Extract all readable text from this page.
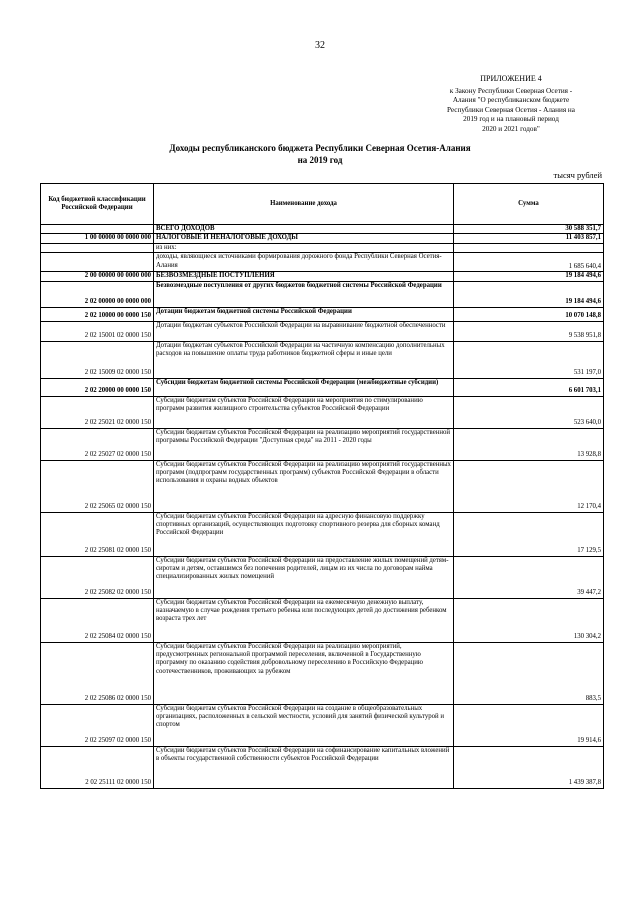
32
ПРИЛОЖЕНИЕ 4
к Закону Республики Северная Осетия -
Алания "О республиканском бюджете
Республики Северная Осетия - Алания на
2019 год и на плановый период
2020 и 2021 годов"
Доходы республиканского бюджета Республики Северная Осетия-Алания
на 2019 год
тысяч рублей
Код бюджетной классификации Российской Федерации	Наименование дохода	Сумма
	ВСЕГО ДОХОДОВ	30 588 351,7
1 00 00000 00 0000 000	НАЛОГОВЫЕ И НЕНАЛОГОВЫЕ ДОХОДЫ	11 403 857,1
	из них:	
	доходы, являющиеся источниками формирования дорожного фонда Республики Северная Осетия-Алания	1 685 640,4
2 00 00000 00 0000 000	БЕЗВОЗМЕЗДНЫЕ ПОСТУПЛЕНИЯ	19 184 494,6
2 02 00000 00 0000 000	Безвозмездные поступления от других бюджетов бюджетной системы Российской Федерации	19 184 494,6
2 02 10000 00 0000 150	Дотации бюджетам бюджетной системы Российской Федерации	10 070 148,8
2 02 15001 02 0000 150	Дотации бюджетам субъектов Российской Федерации на выравнивание бюджетной обеспеченности	9 538 951,8
2 02 15009 02 0000 150	Дотации бюджетам субъектов Российской Федерации на частичную компенсацию дополнительных расходов на повышение оплаты труда работников бюджетной сферы и иные цели	531 197,0
2 02 20000 00 0000 150	Субсидии бюджетам бюджетной системы Российской Федерации (межбюджетные субсидии)	6 601 703,1
2 02 25021 02 0000 150	Субсидии бюджетам субъектов Российской Федерации на мероприятия по стимулированию программ развития жилищного строительства субъектов Российской Федерации	523 640,0
2 02 25027 02 0000 150	Субсидии бюджетам субъектов Российской Федерации на реализацию мероприятий государственной программы Российской Федерации "Доступная среда" на 2011 - 2020 годы	13 928,8
2 02 25065 02 0000 150	Субсидии бюджетам субъектов Российской Федерации на реализацию мероприятий государственных программ (подпрограмм государственных программ) субъектов Российской Федерации в области использования и охраны водных объектов	12 170,4
2 02 25081 02 0000 150	Субсидии бюджетам субъектов Российской Федерации на адресную финансовую поддержку спортивных организаций, осуществляющих подготовку спортивного резерва для сборных команд Российской Федерации	17 129,5
2 02 25082 02 0000 150	Субсидии бюджетам субъектов Российской Федерации на предоставление жилых помещений детям-сиротам и детям, оставшимся без попечения родителей, лицам из их числа по договорам найма специализированных жилых помещений	39 447,2
2 02 25084 02 0000 150	Субсидии бюджетам субъектов Российской Федерации на ежемесячную денежную выплату, назначаемую в случае рождения третьего ребенка или последующих детей до достижения ребенком возраста трех лет	130 304,2
2 02 25086 02 0000 150	Субсидии бюджетам субъектов Российской Федерации на реализацию мероприятий, предусмотренных региональной программой переселения, включенной в Государственную программу по оказанию содействия добровольному переселению в Российскую Федерацию соотечественников, проживающих за рубежом	883,5
2 02 25097 02 0000 150	Субсидии бюджетам субъектов Российской Федерации на создание в общеобразовательных организациях, расположенных в сельской местности, условий для занятий физической культурой и спортом	19 914,6
2 02 25111 02 0000 150	Субсидии бюджетам субъектов Российской Федерации на софинансирование капитальных вложений в объекты государственной собственности субъектов Российской Федерации	1 439 387,8
